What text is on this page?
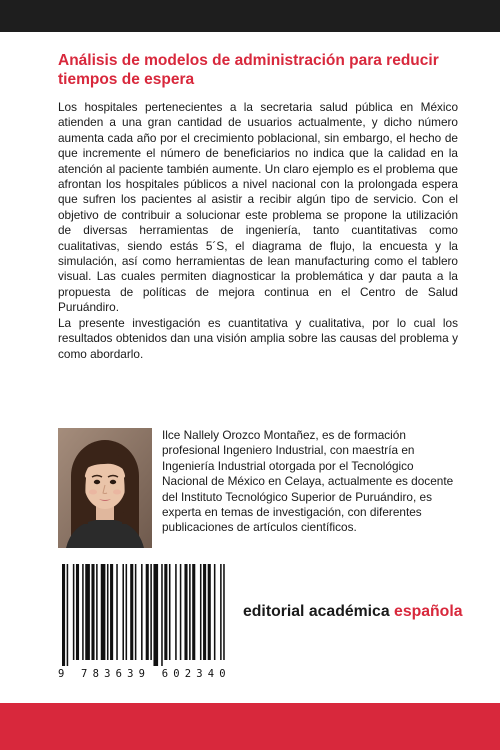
Análisis de modelos de administración para reducir tiempos de espera

Los hospitales pertenecientes a la secretaria salud pública en México atienden a una gran cantidad de usuarios actualmente, y dicho número aumenta cada año por el crecimiento poblacional, sin embargo, el hecho de que incremente el número de beneficiarios no indica que la calidad en la atención al paciente también aumente. Un claro ejemplo es el problema que afrontan los hospitales públicos a nivel nacional con la prolongada espera que sufren los pacientes al asistir a recibir algún tipo de servicio. Con el objetivo de contribuir a solucionar este problema se propone la utilización de diversas herramientas de ingeniería, tanto cuantitativas como cualitativas, siendo estás 5´S, el diagrama de flujo, la encuesta y la simulación, así como herramientas de lean manufacturing como el tablero visual. Las cuales permiten diagnosticar la problemática y dar pauta a la propuesta de políticas de mejora continua en el Centro de Salud Puruándiro.

La presente investigación es cuantitativa y cualitativa, por lo cual los resultados obtenidos dan una visión amplia sobre las causas del problema y como abordarlo.

Ilce Nallely Orozco Montañez, es de formación profesional Ingeniero Industrial, con maestría en Ingeniería Industrial otorgada por el Tecnológico Nacional de México en Celaya, actualmente es docente del Instituto Tecnológico Superior de Puruándiro, es experta en temas de investigación, con diferentes publicaciones de artículos científicos.

9 783639 602340
editorial académica española
